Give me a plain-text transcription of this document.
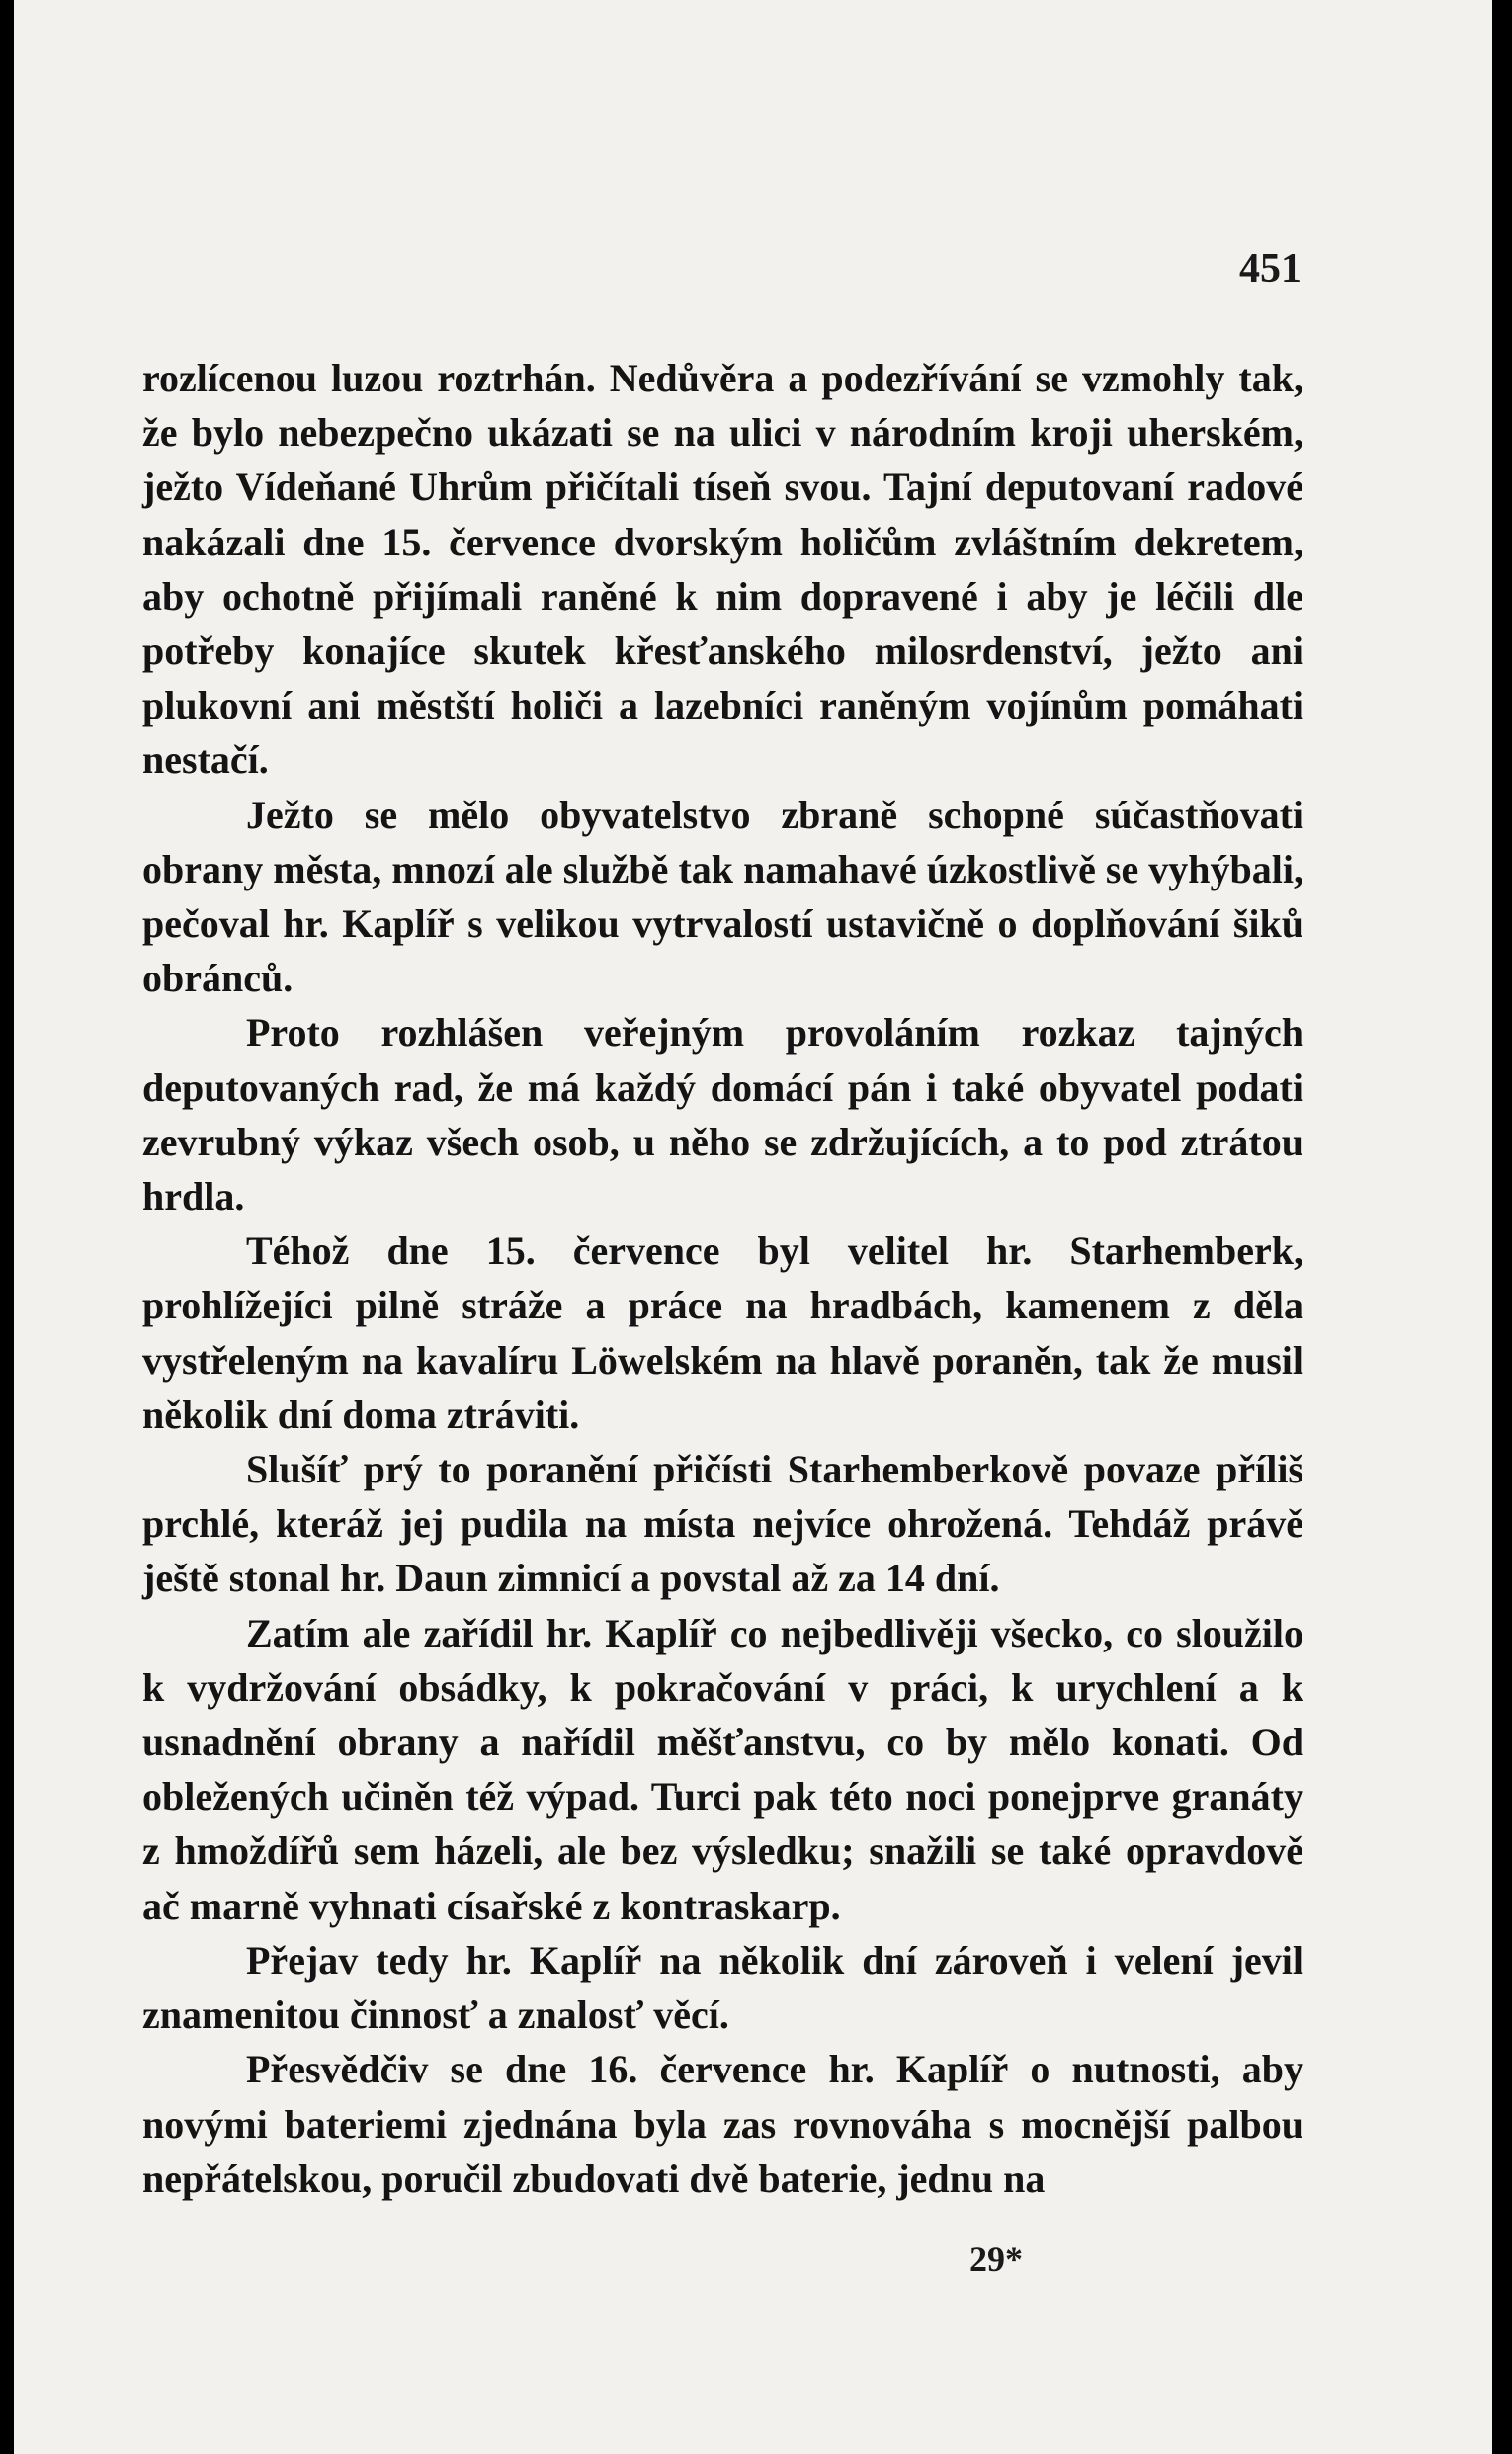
451

rozlícenou luzou roztrhán. Nedůvěra a podezřívání se vzmohly tak, že bylo nebezpečno ukázati se na ulici v národním kroji uherském, ježto Vídeňané Uhrům přičítali tíseň svou. Tajní deputovaní radové nakázali dne 15. července dvorským holičům zvláštním dekretem, aby ochotně přijímali raněné k nim dopravené i aby je léčili dle potřeby konajíce skutek křesťanského milosrdenství, ježto ani plukovní ani městští holiči a lazebníci raněným vojínům pomáhati nestačí.

Ježto se mělo obyvatelstvo zbraně schopné súčastňovati obrany města, mnozí ale službě tak namahavé úzkostlivě se vyhýbali, pečoval hr. Kaplíř s velikou vytrvalostí ustavičně o doplňování šiků obránců.

Proto rozhlášen veřejným provoláním rozkaz tajných deputovaných rad, že má každý domácí pán i také obyvatel podati zevrubný výkaz všech osob, u něho se zdržujících, a to pod ztrátou hrdla.

Téhož dne 15. července byl velitel hr. Starhemberk, prohlížejíci pilně stráže a práce na hradbách, kamenem z děla vystřeleným na kavalíru Löwelském na hlavě poraněn, tak že musil několik dní doma ztráviti.

Slušíť prý to poranění přičísti Starhemberkově povaze příliš prchlé, kteráž jej pudila na místa nejvíce ohrožená. Tehdáž právě ještě stonal hr. Daun zimnicí a povstal až za 14 dní.

Zatím ale zařídil hr. Kaplíř co nejbedlivěji všecko, co sloužilo k vydržování obsádky, k pokračování v práci, k urychlení a k usnadnění obrany a nařídil měšťanstvu, co by mělo konati. Od obležených učiněn též výpad. Turci pak této noci ponejprve granáty z hmoždířů sem házeli, ale bez výsledku; snažili se také opravdově ač marně vyhnati císařské z kontraskarp.

Přejav tedy hr. Kaplíř na několik dní zároveň i velení jevil znamenitou činnosť a znalosť věcí.

Přesvědčiv se dne 16. července hr. Kaplíř o nutnosti, aby novými bateriemi zjednána byla zas rovnováha s mocnější palbou nepřátelskou, poručil zbudovati dvě baterie, jednu na

29*
